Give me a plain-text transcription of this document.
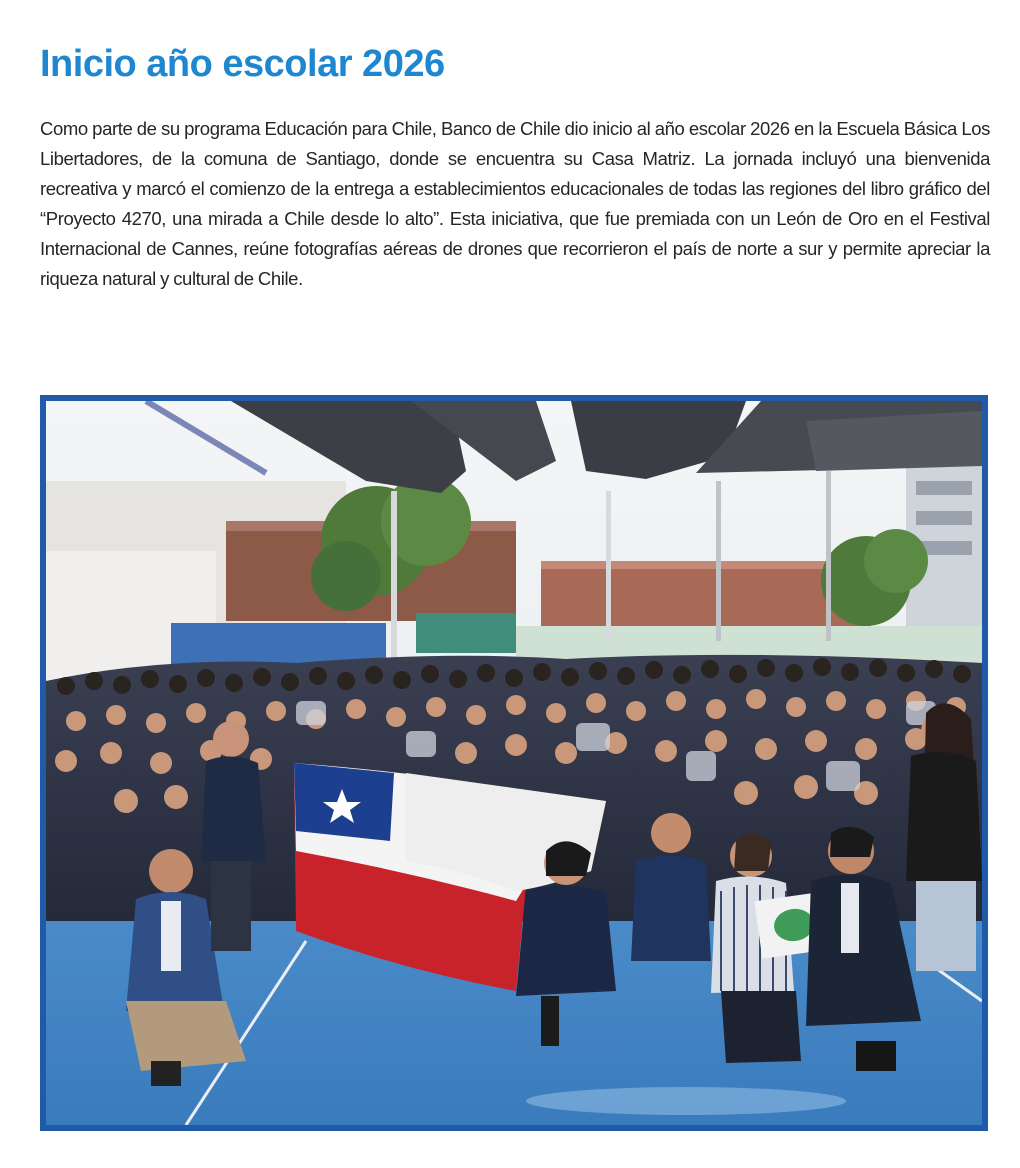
Inicio año escolar 2026

Como parte de su programa Educación para Chile, Banco de Chile dio inicio al año escolar 2026 en la Escuela Básica Los Libertadores, de la comuna de Santiago, donde se encuentra su Casa Matriz. La jornada incluyó una bienvenida recreativa y marcó el comienzo de la entrega a establecimientos educacionales de todas las regiones del libro gráfico del “Proyecto 4270, una mirada a Chile desde lo alto”. Esta iniciativa, que fue premiada con un León de Oro en el Festival Internacional de Cannes, reúne fotografías aéreas de drones que recorrieron el país de norte a sur y permite apreciar la riqueza natural y cultural de Chile.
